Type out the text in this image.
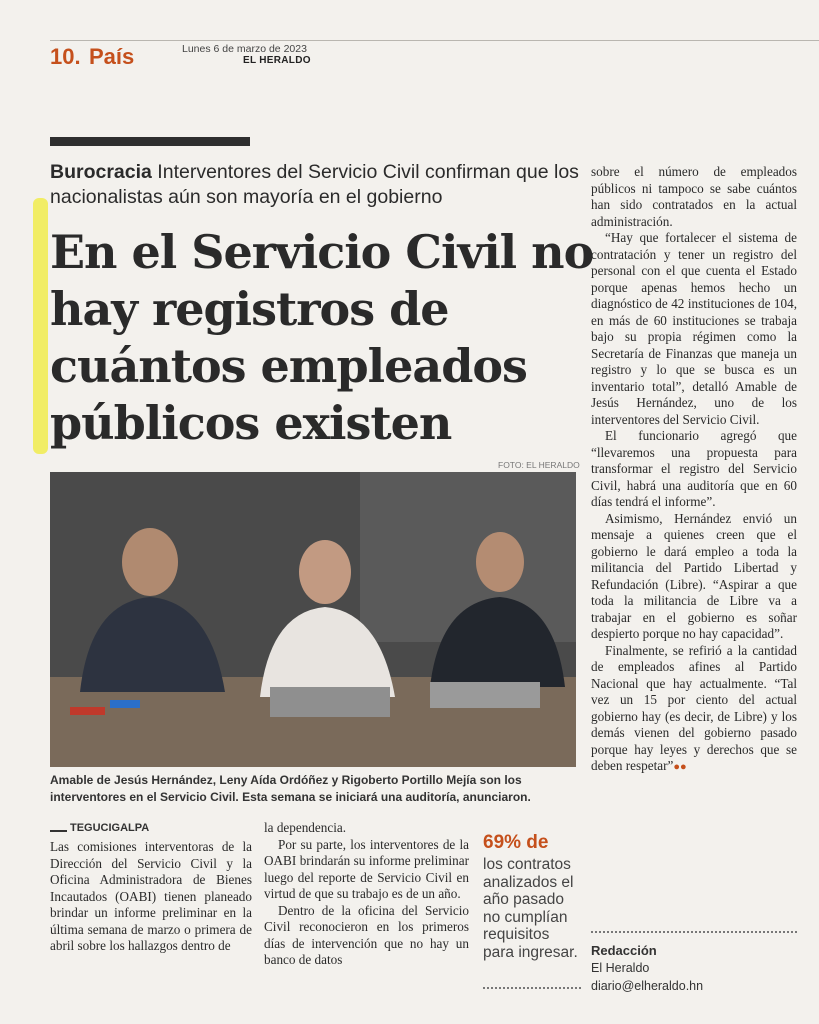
10. País	Lunes 6 de marzo de 2023
EL HERALDO
Burocracia Interventores del Servicio Civil confirman que los nacionalistas aún son mayoría en el gobierno
En el Servicio Civil no hay registros de cuántos empleados públicos existen
FOTO: EL HERALDO
Amable de Jesús Hernández, Leny Aída Ordóñez y Rigoberto Portillo Mejía son los interventores en el Servicio Civil. Esta semana se iniciará una auditoría, anunciaron.
TEGUCIGALPA

Las comisiones interventoras de la Dirección del Servicio Civil y la Oficina Administradora de Bienes Incautados (OABI) tienen planeado brindar un informe preliminar en la última semana de marzo o primera de abril sobre los hallazgos dentro de

la dependencia.

Por su parte, los interventores de la OABI brindarán su informe preliminar luego del reporte de Servicio Civil en virtud de que su trabajo es de un año.

Dentro de la oficina del Servicio Civil reconocieron en los primeros días de intervención que no hay un banco de datos

69% de
los contratos analizados el año pasado no cumplían requisitos para ingresar.

sobre el número de empleados públicos ni tampoco se sabe cuántos han sido contratados en la actual administración.

“Hay que fortalecer el sistema de contratación y tener un registro del personal con el que cuenta el Estado porque apenas hemos hecho un diagnóstico de 42 instituciones de 104, en más de 60 instituciones se trabaja bajo su propia régimen como la Secretaría de Finanzas que maneja un registro y lo que se busca es un inventario total”, detalló Amable de Jesús Hernández, uno de los interventores del Servicio Civil.

El funcionario agregó que “llevaremos una propuesta para transformar el registro del Servicio Civil, habrá una auditoría que en 60 días tendrá el informe”.

Asimismo, Hernández envió un mensaje a quienes creen que el gobierno le dará empleo a toda la militancia del Partido Libertad y Refundación (Libre). “Aspirar a que toda la militancia de Libre va a trabajar en el gobierno es soñar despierto porque no hay capacidad”.

Finalmente, se refirió a la cantidad de empleados afines al Partido Nacional que hay actualmente. “Tal vez un 15 por ciento del actual gobierno hay (es decir, de Libre) y los demás vienen del gobierno pasado porque hay leyes y derechos que se deben respetar”●●

Redacción
El Heraldo
diario@elheraldo.hn
